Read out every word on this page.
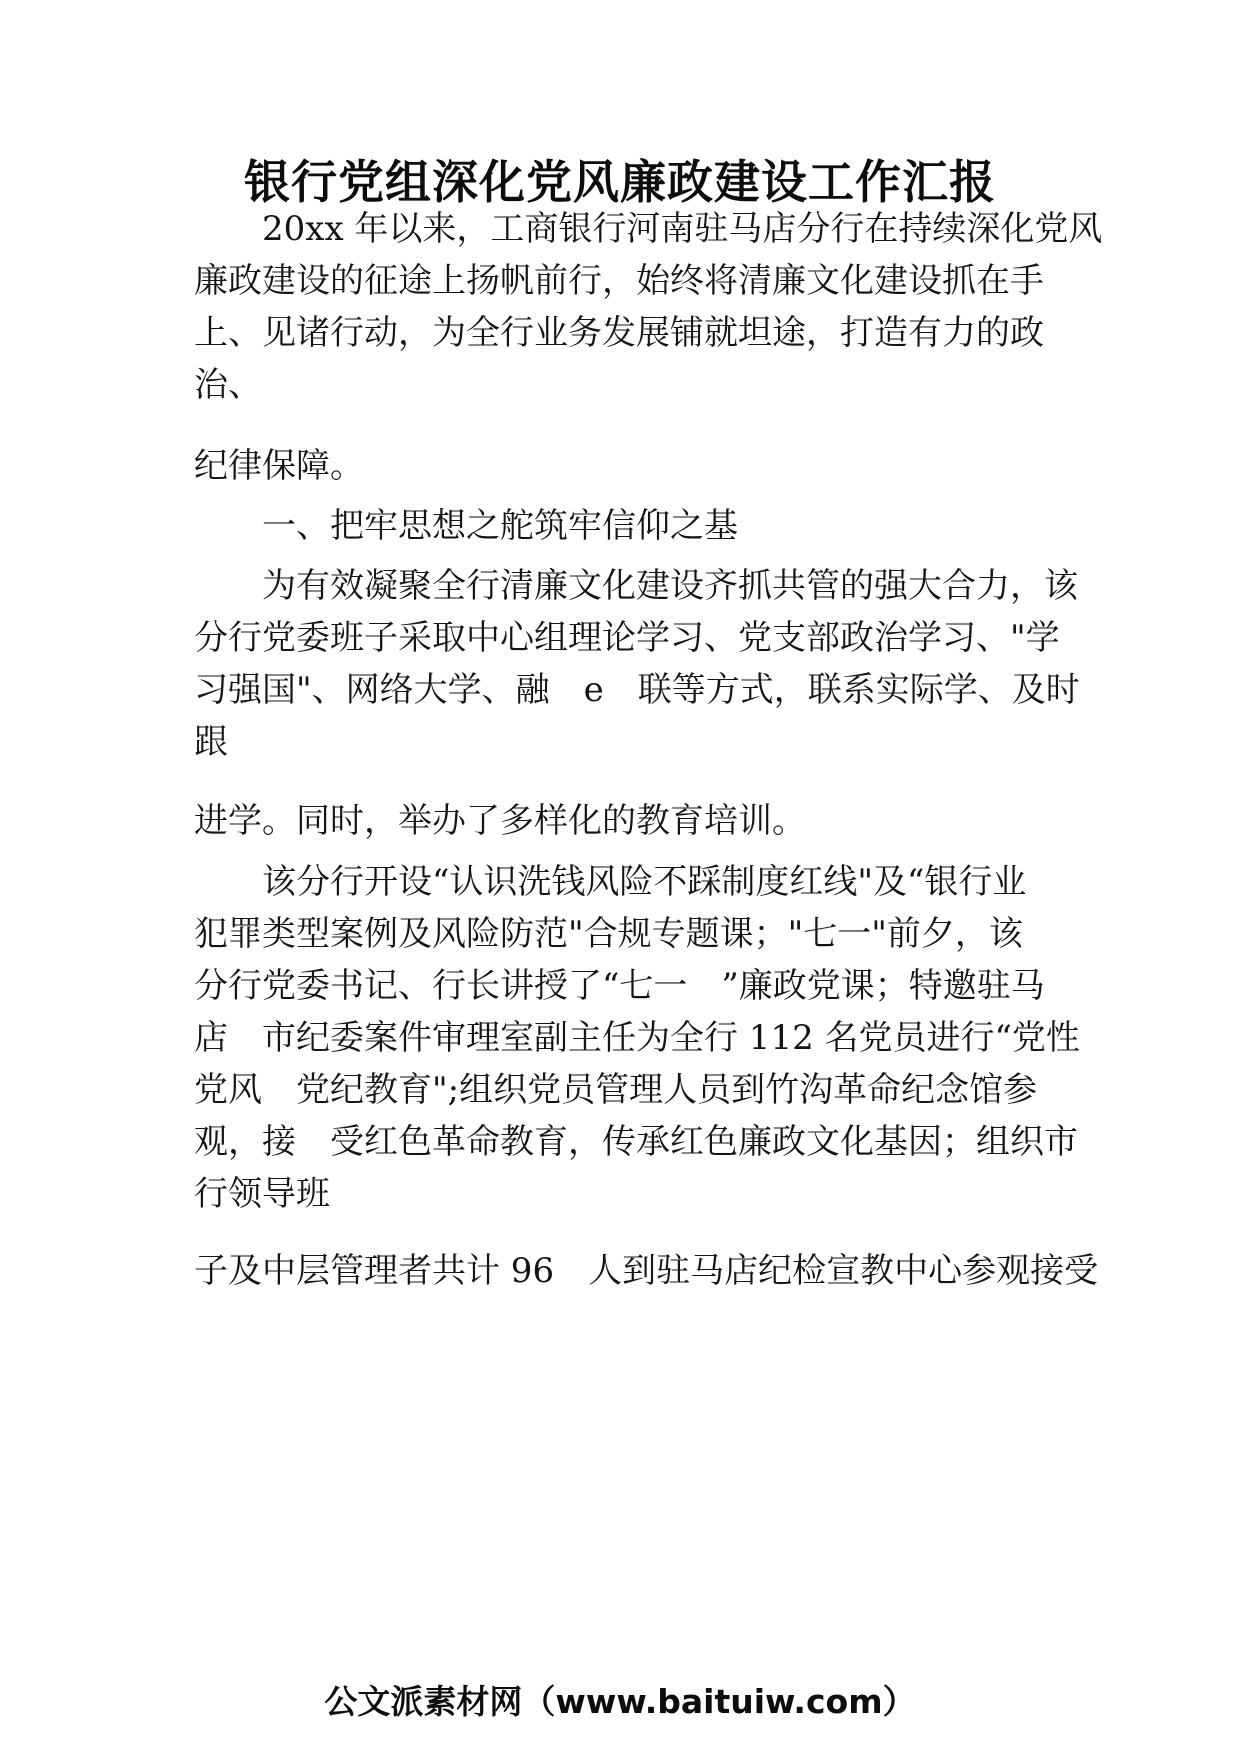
银行党组深化党风廉政建设工作汇报
20xx 年以来，工商银行河南驻马店分行在持续深化党风
廉政建设的征途上扬帆前行，始终将清廉文化建设抓在手
上、见诸行动，为全行业务发展铺就坦途，打造有力的政
治、
纪律保障。
一、把牢思想之舵筑牢信仰之基
为有效凝聚全行清廉文化建设齐抓共管的强大合力，该
分行党委班子采取中心组理论学习、党支部政治学习、"学
习强国"、网络大学、融　e　联等方式，联系实际学、及时
跟
进学。同时，举办了多样化的教育培训。
该分行开设“认识洗钱风险不踩制度红线"及“银行业
犯罪类型案例及风险防范"合规专题课；"七一"前夕，该
分行党委书记、行长讲授了“七一　”廉政党课；特邀驻马
店　市纪委案件审理室副主任为全行 112 名党员进行“党性
党风　党纪教育";组织党员管理人员到竹沟革命纪念馆参
观，接　受红色革命教育，传承红色廉政文化基因；组织市
行领导班
子及中层管理者共计 96　人到驻马店纪检宣教中心参观接受
公文派素材网（www.baituiw.com）
